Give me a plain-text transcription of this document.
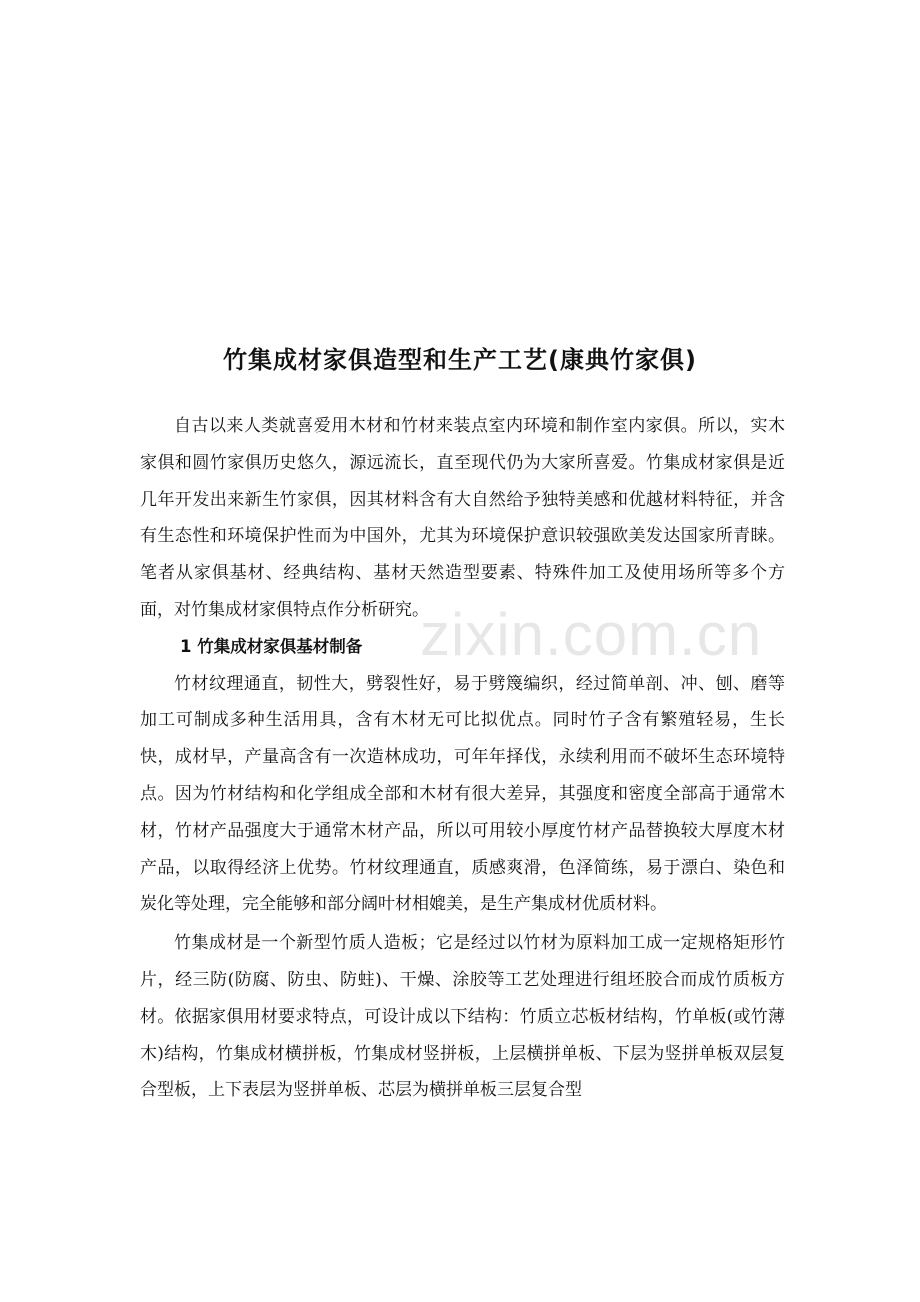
竹集成材家俱造型和生产工艺(康典竹家俱)

自古以来人类就喜爱用木材和竹材来装点室内环境和制作室内家俱。所以，实木家俱和圆竹家俱历史悠久，源远流长，直至现代仍为大家所喜爱。竹集成材家俱是近几年开发出来新生竹家俱，因其材料含有大自然给予独特美感和优越材料特征，并含有生态性和环境保护性而为中国外，尤其为环境保护意识较强欧美发达国家所青睐。笔者从家俱基材、经典结构、基材天然造型要素、特殊件加工及使用场所等多个方面，对竹集成材家俱特点作分析研究。

1 竹集成材家俱基材制备

竹材纹理通直，韧性大，劈裂性好，易于劈篾编织，经过简单剖、冲、刨、磨等加工可制成多种生活用具，含有木材无可比拟优点。同时竹子含有繁殖轻易，生长快，成材早，产量高含有一次造林成功，可年年择伐，永续利用而不破坏生态环境特点。因为竹材结构和化学组成全部和木材有很大差异，其强度和密度全部高于通常木材，竹材产品强度大于通常木材产品，所以可用较小厚度竹材产品替换较大厚度木材产品，以取得经济上优势。竹材纹理通直，质感爽滑，色泽简练，易于漂白、染色和炭化等处理，完全能够和部分阔叶材相媲美，是生产集成材优质材料。

竹集成材是一个新型竹质人造板；它是经过以竹材为原料加工成一定规格矩形竹片，经三防(防腐、防虫、防蛀)、干燥、涂胶等工艺处理进行组坯胶合而成竹质板方材。依据家俱用材要求特点，可设计成以下结构：竹质立芯板材结构，竹单板(或竹薄木)结构，竹集成材横拼板，竹集成材竖拼板，上层横拼单板、下层为竖拼单板双层复合型板，上下表层为竖拼单板、芯层为横拼单板三层复合型

zixin.com.cn
